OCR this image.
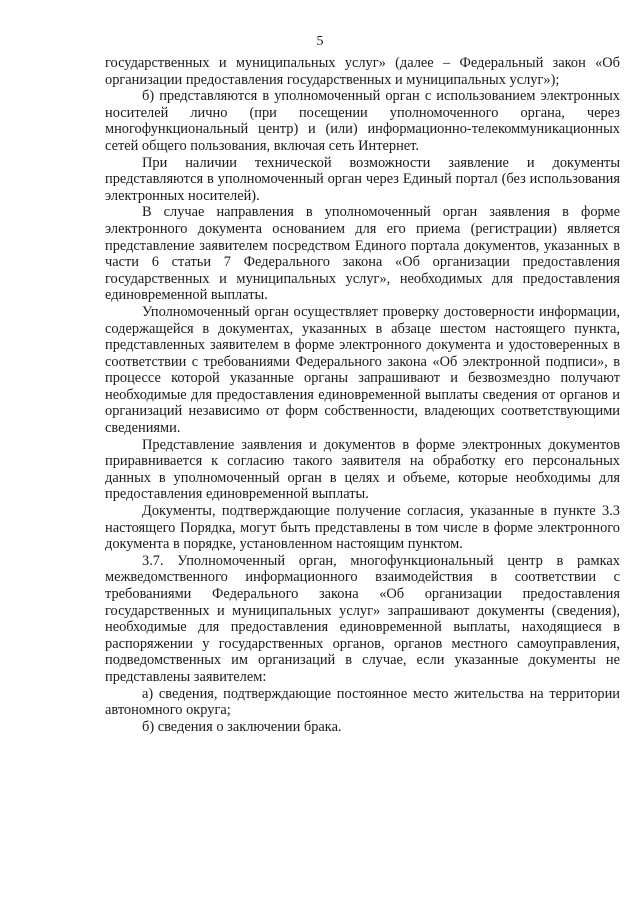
5

государственных и муниципальных услуг» (далее – Федеральный закон «Об организации предоставления государственных и муниципальных услуг»);

б) представляются в уполномоченный орган с использованием электронных носителей лично (при посещении уполномоченного органа, через многофункциональный центр) и (или) информационно-телекоммуникационных сетей общего пользования, включая сеть Интернет.

При наличии технической возможности заявление и документы представляются в уполномоченный орган через Единый портал (без использования электронных носителей).

В случае направления в уполномоченный орган заявления в форме электронного документа основанием для его приема (регистрации) является представление заявителем посредством Единого портала документов, указанных в части 6 статьи 7 Федерального закона «Об организации предоставления государственных и муниципальных услуг», необходимых для предоставления единовременной выплаты.

Уполномоченный орган осуществляет проверку достоверности информации, содержащейся в документах, указанных в абзаце шестом настоящего пункта, представленных заявителем в форме электронного документа и удостоверенных в соответствии с требованиями Федерального закона «Об электронной подписи», в процессе которой указанные органы запрашивают и безвозмездно получают необходимые для предоставления единовременной выплаты сведения от органов и организаций независимо от форм собственности, владеющих соответствующими сведениями.

Представление заявления и документов в форме электронных документов приравнивается к согласию такого заявителя на обработку его персональных данных в уполномоченный орган в целях и объеме, которые необходимы для предоставления единовременной выплаты.

Документы, подтверждающие получение согласия, указанные в пункте 3.3 настоящего Порядка, могут быть представлены в том числе в форме электронного документа в порядке, установленном настоящим пунктом.

3.7. Уполномоченный орган, многофункциональный центр в рамках межведомственного информационного взаимодействия в соответствии с требованиями Федерального закона «Об организации предоставления государственных и муниципальных услуг» запрашивают документы (сведения), необходимые для предоставления единовременной выплаты, находящиеся в распоряжении у государственных органов, органов местного самоуправления, подведомственных им организаций в случае, если указанные документы не представлены заявителем:

а) сведения, подтверждающие постоянное место жительства на территории автономного округа;

б) сведения о заключении брака.
